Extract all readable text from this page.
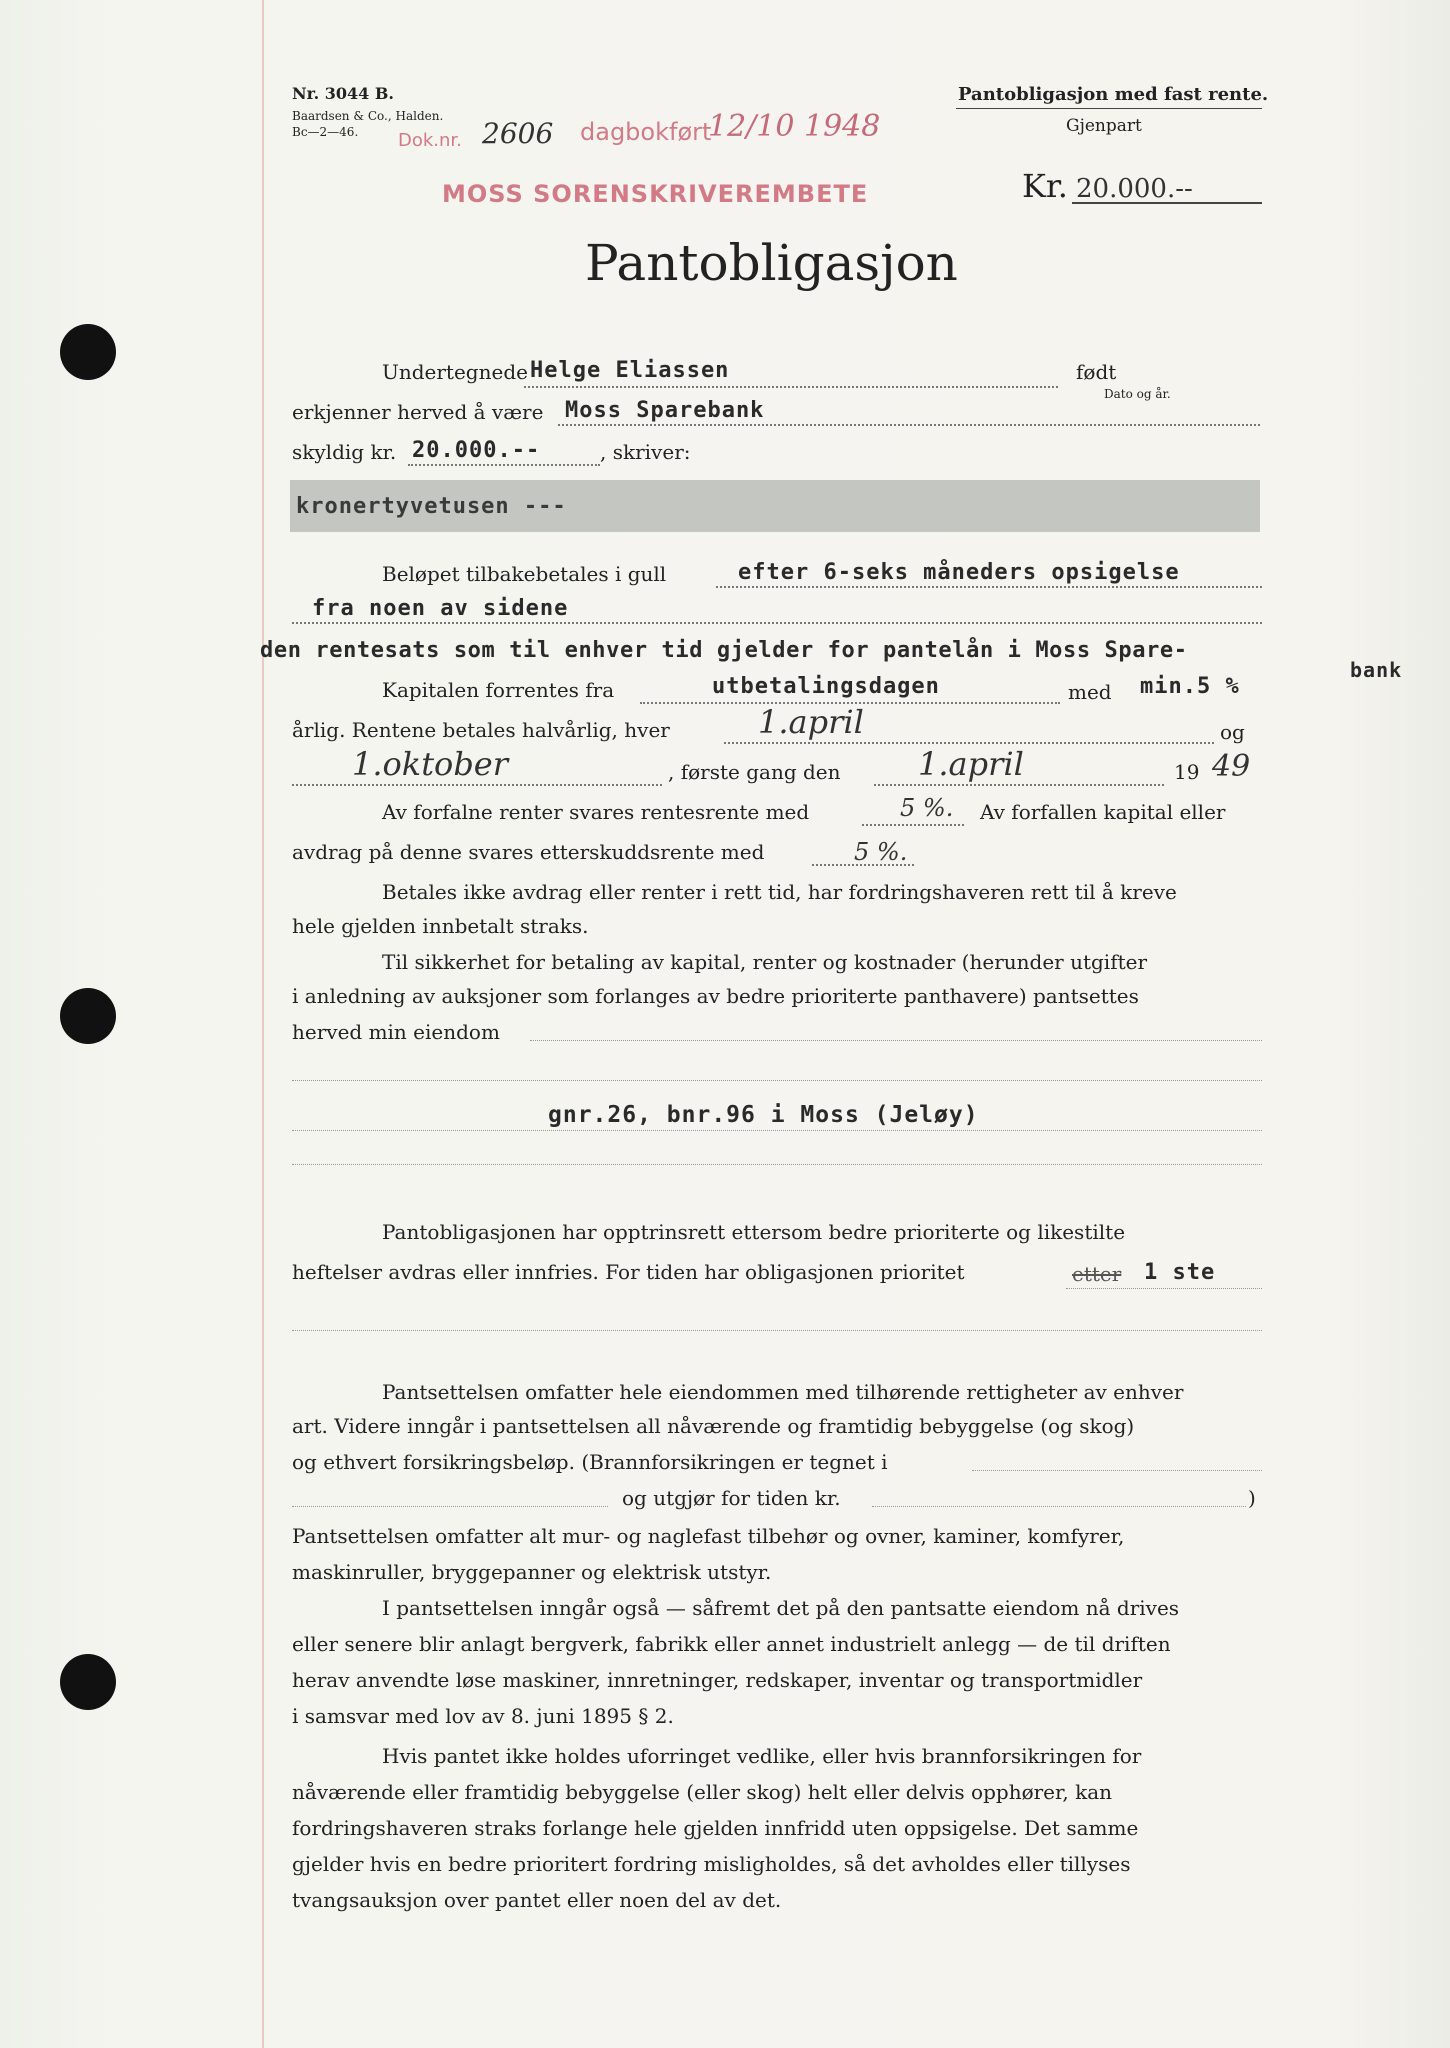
Nr. 3044 B.
Baardsen & Co., Halden.
Bc—2—46. Dok.nr. 2606 dagbokført
12/10 1948
MOSS SORENSKRIVEREMBETE
Pantobligasjon med fast rente.
Gjenpart
Kr. 20.000.--
Pantobligasjon
Undertegnede Helge Eliassen	født
Dato og år.
erkjenner herved å være Moss Sparebank
skyldig kr. 20.000.--	, skriver:
kronertyvetusen ---
Beløpet tilbakebetales i gull	efter 6-seks måneders opsigelse
fra noen av sidene
den rentesats som til enhver tid gjelder for pantelån i Moss Spare-
bank
Kapitalen forrentes fra	utbetalingsdagen	med min.5 %
årlig. Rentene betales halvårlig, hver	1.april	og
1.oktober	, første gang den 1.april	19 49
Av forfalne renter svares rentesrente med	5 %. Av forfallen kapital eller
avdrag på denne svares etterskuddsrente med	5 %.
Betales ikke avdrag eller renter i rett tid, har fordringshaveren rett til å kreve
hele gjelden innbetalt straks.
Til sikkerhet for betaling av kapital, renter og kostnader (herunder utgifter
i anledning av auksjoner som forlanges av bedre prioriterte panthavere) pantsettes
herved min eiendom
gnr.26, bnr.96 i Moss (Jeløy)
Pantobligasjonen har opptrinsrett ettersom bedre prioriterte og likestilte
heftelser avdras eller innfries. For tiden har obligasjonen prioritet	etter 1 ste
Pantsettelsen omfatter hele eiendommen med tilhørende rettigheter av enhver
art. Videre inngår i pantsettelsen all nåværende og framtidig bebyggelse (og skog)
og ethvert forsikringsbeløp. (Brannforsikringen er tegnet i
og utgjør for tiden kr.	)
Pantsettelsen omfatter alt mur- og naglefast tilbehør og ovner, kaminer, komfyrer,
maskinruller, bryggepanner og elektrisk utstyr.
I pantsettelsen inngår også — såfremt det på den pantsatte eiendom nå drives
eller senere blir anlagt bergverk, fabrikk eller annet industrielt anlegg — de til driften
herav anvendte løse maskiner, innretninger, redskaper, inventar og transportmidler
i samsvar med lov av 8. juni 1895 § 2.
Hvis pantet ikke holdes uforringet vedlike, eller hvis brannforsikringen for
nåværende eller framtidig bebyggelse (eller skog) helt eller delvis opphører, kan
fordringshaveren straks forlange hele gjelden innfridd uten oppsigelse. Det samme
gjelder hvis en bedre prioritert fordring misligholdes, så det avholdes eller tillyses
tvangsauksjon over pantet eller noen del av det.
